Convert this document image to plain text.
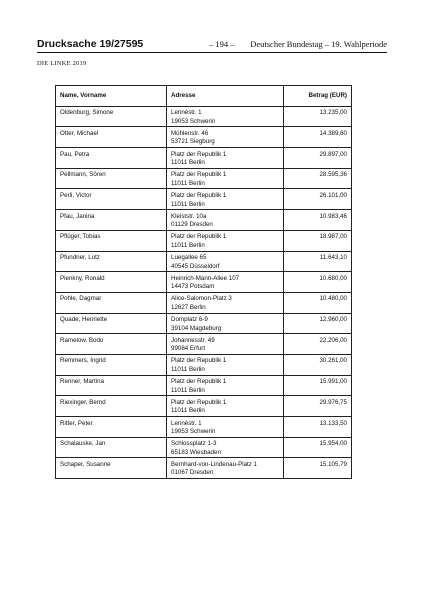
Drucksache 19/27595	– 194 – Deutscher Bundestag – 19. Wahlperiode
DIE LINKE 2019
Name, Vorname	Adresse	Betrag (EUR)

Oldenburg, Simone	Lennéstr. 1
19053 Schwerin	13.235,00

Otter, Michael	Mühlenstr. 46
53721 Siegburg	14.389,60

Pau, Petra	Platz der Republik 1
11011 Berlin	29.897,00

Pellmann, Sören	Platz der Republik 1
11011 Berlin	28.595,36

Perli, Victor	Platz der Republik 1
11011 Berlin	26.101,00

Pfau, Janina	Kleiststr. 10a
01129 Dresden	10.983,46

Pflüger, Tobias	Platz der Republik 1
11011 Berlin	18.987,00

Pfundner, Lutz	Luegallee 65
40545 Düsseldorf	11.643,10

Pienkny, Ronald	Heinrich-Mann-Allee 107
14473 Potsdam	10.680,00

Pohle, Dagmar	Alice-Salomon-Platz 3
12627 Berlin	10.480,00

Quade, Henriette	Domplatz 6-9
39104 Magdeburg	12.960,00

Ramelow, Bodo	Johannesstr. 49
99084 Erfurt	22.206,00

Remmers, Ingrid	Platz der Republik 1
11011 Berlin	30.261,00

Renner, Martina	Platz der Republik 1
11011 Berlin	15.991,00

Riexinger, Bernd	Platz der Republik 1
11011 Berlin	29.976,75

Ritter, Peter	Lennéstr. 1
19053 Schwerin	13.133,50

Schalauske, Jan	Schlossplatz 1-3
65183 Wiesbaden	15.954,00

Schaper, Susanne	Bernhard-von-Lindenau-Platz 1
01067 Dresden	15.105,79
